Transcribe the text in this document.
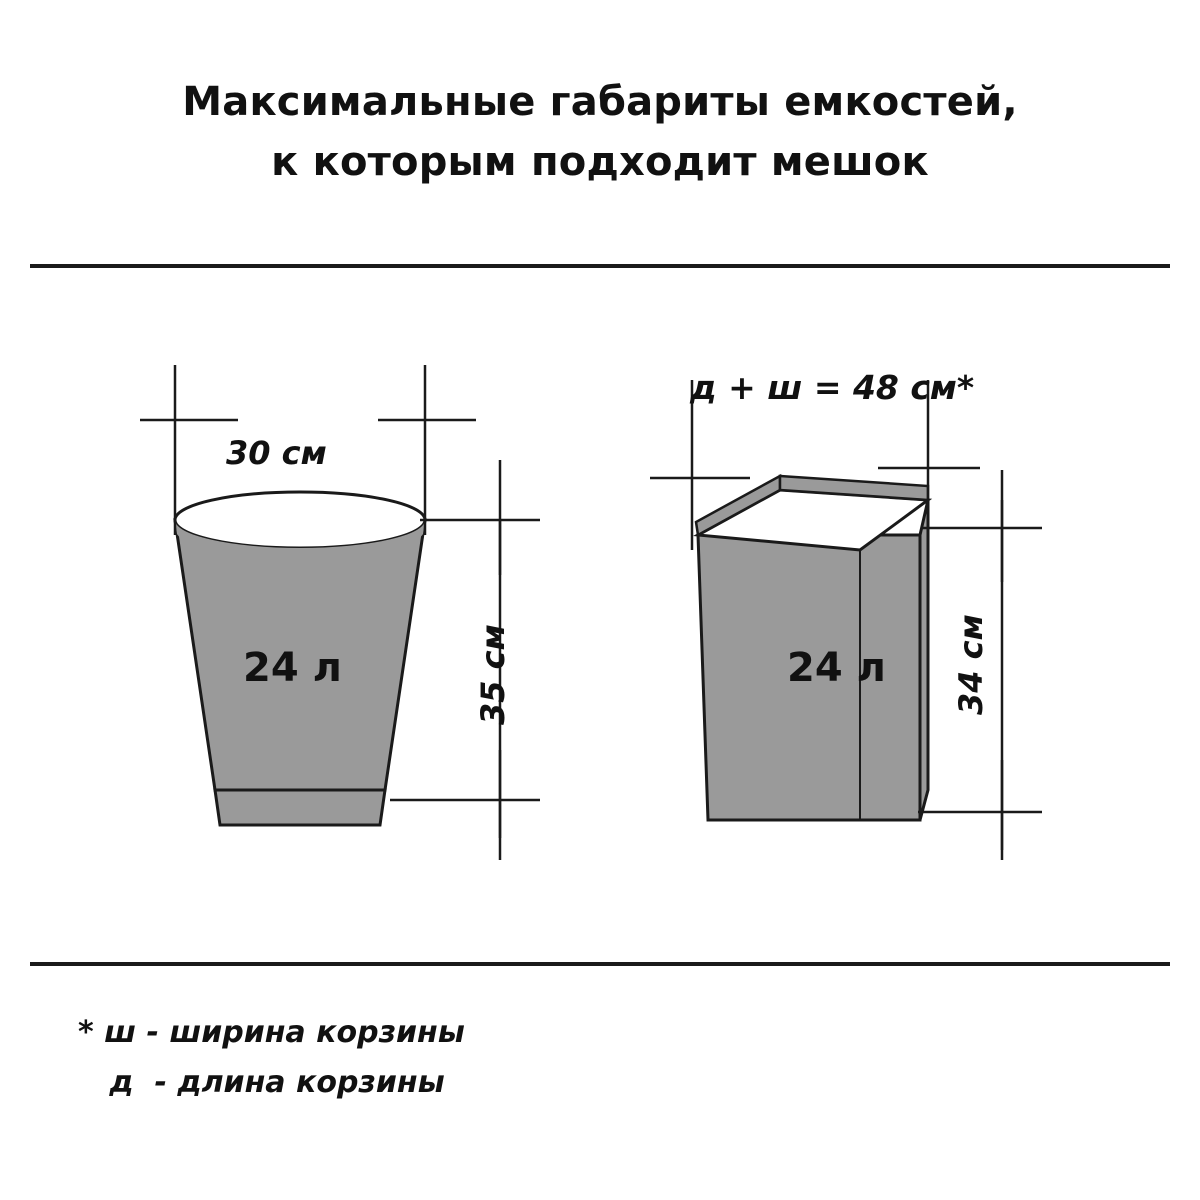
Максимальные габариты емкостей,
к которым подходит мешок
30 см
35 см
24 л
д + ш = 48 см*
34 см
24 л
* ш - ширина корзины
д  - длина корзины
